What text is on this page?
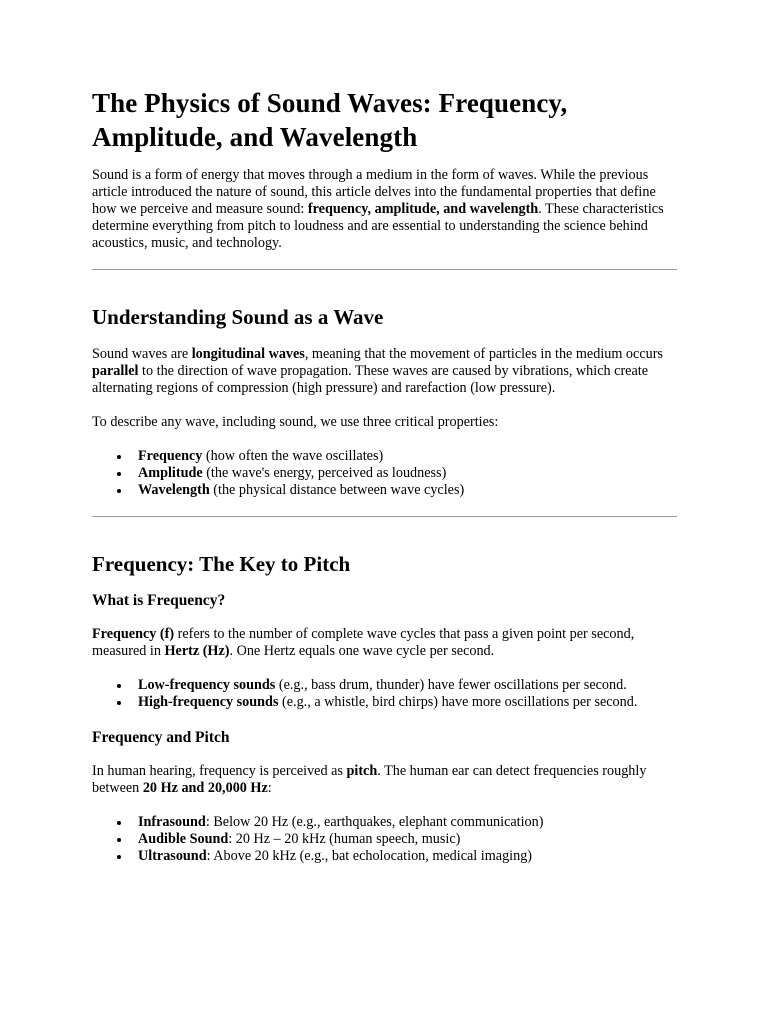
The Physics of Sound Waves: Frequency, Amplitude, and Wavelength

Sound is a form of energy that moves through a medium in the form of waves. While the previous article introduced the nature of sound, this article delves into the fundamental properties that define how we perceive and measure sound: frequency, amplitude, and wavelength. These characteristics determine everything from pitch to loudness and are essential to understanding the science behind acoustics, music, and technology.

Understanding Sound as a Wave

Sound waves are longitudinal waves, meaning that the movement of particles in the medium occurs parallel to the direction of wave propagation. These waves are caused by vibrations, which create alternating regions of compression (high pressure) and rarefaction (low pressure).

To describe any wave, including sound, we use three critical properties:

Frequency (how often the wave oscillates)
Amplitude (the wave's energy, perceived as loudness)
Wavelength (the physical distance between wave cycles)
Frequency: The Key to Pitch
What is Frequency?

Frequency (f) refers to the number of complete wave cycles that pass a given point per second, measured in Hertz (Hz). One Hertz equals one wave cycle per second.

Low-frequency sounds (e.g., bass drum, thunder) have fewer oscillations per second.
High-frequency sounds (e.g., a whistle, bird chirps) have more oscillations per second.
Frequency and Pitch

In human hearing, frequency is perceived as pitch. The human ear can detect frequencies roughly between 20 Hz and 20,000 Hz:

Infrasound: Below 20 Hz (e.g., earthquakes, elephant communication)
Audible Sound: 20 Hz – 20 kHz (human speech, music)
Ultrasound: Above 20 kHz (e.g., bat echolocation, medical imaging)
